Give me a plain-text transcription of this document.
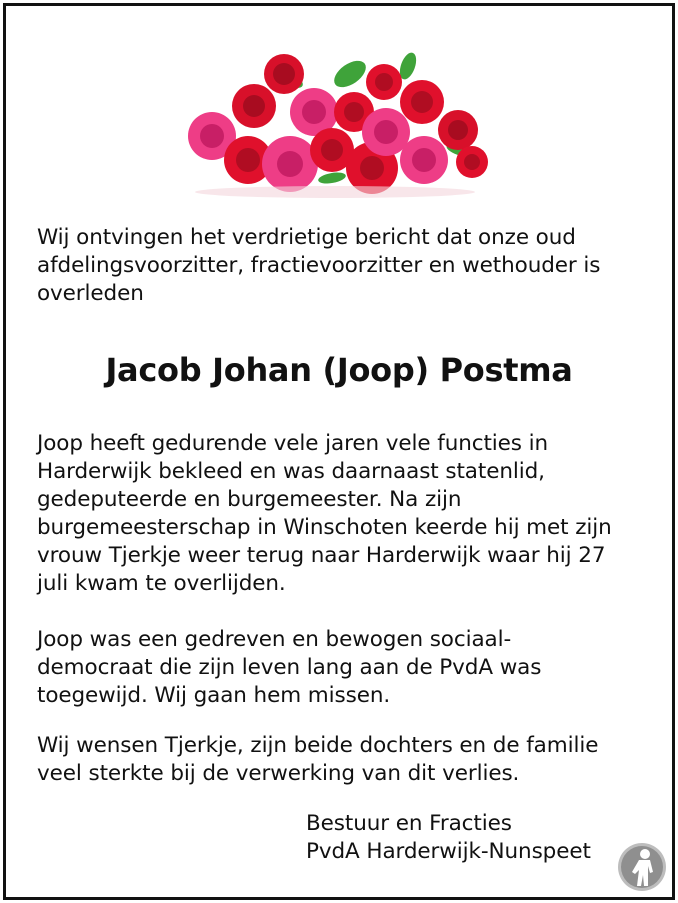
Wij ontvingen het verdrietige bericht dat onze oud
afdelingsvoorzitter, fractievoorzitter en wethouder is
overleden

Jacob Johan (Joop) Postma

Joop heeft gedurende vele jaren vele functies in
Harderwijk bekleed en was daarnaast statenlid,
gedeputeerde en burgemeester. Na zijn
burgemeesterschap in Winschoten keerde hij met zijn
vrouw Tjerkje weer terug naar Harderwijk waar hij 27
juli kwam te overlijden.

Joop was een gedreven en bewogen sociaal-
democraat die zijn leven lang aan de PvdA was
toegewijd. Wij gaan hem missen.

Wij wensen Tjerkje, zijn beide dochters en de familie
veel sterkte bij de verwerking van dit verlies.

Bestuur en Fracties
PvdA Harderwijk-Nunspeet
